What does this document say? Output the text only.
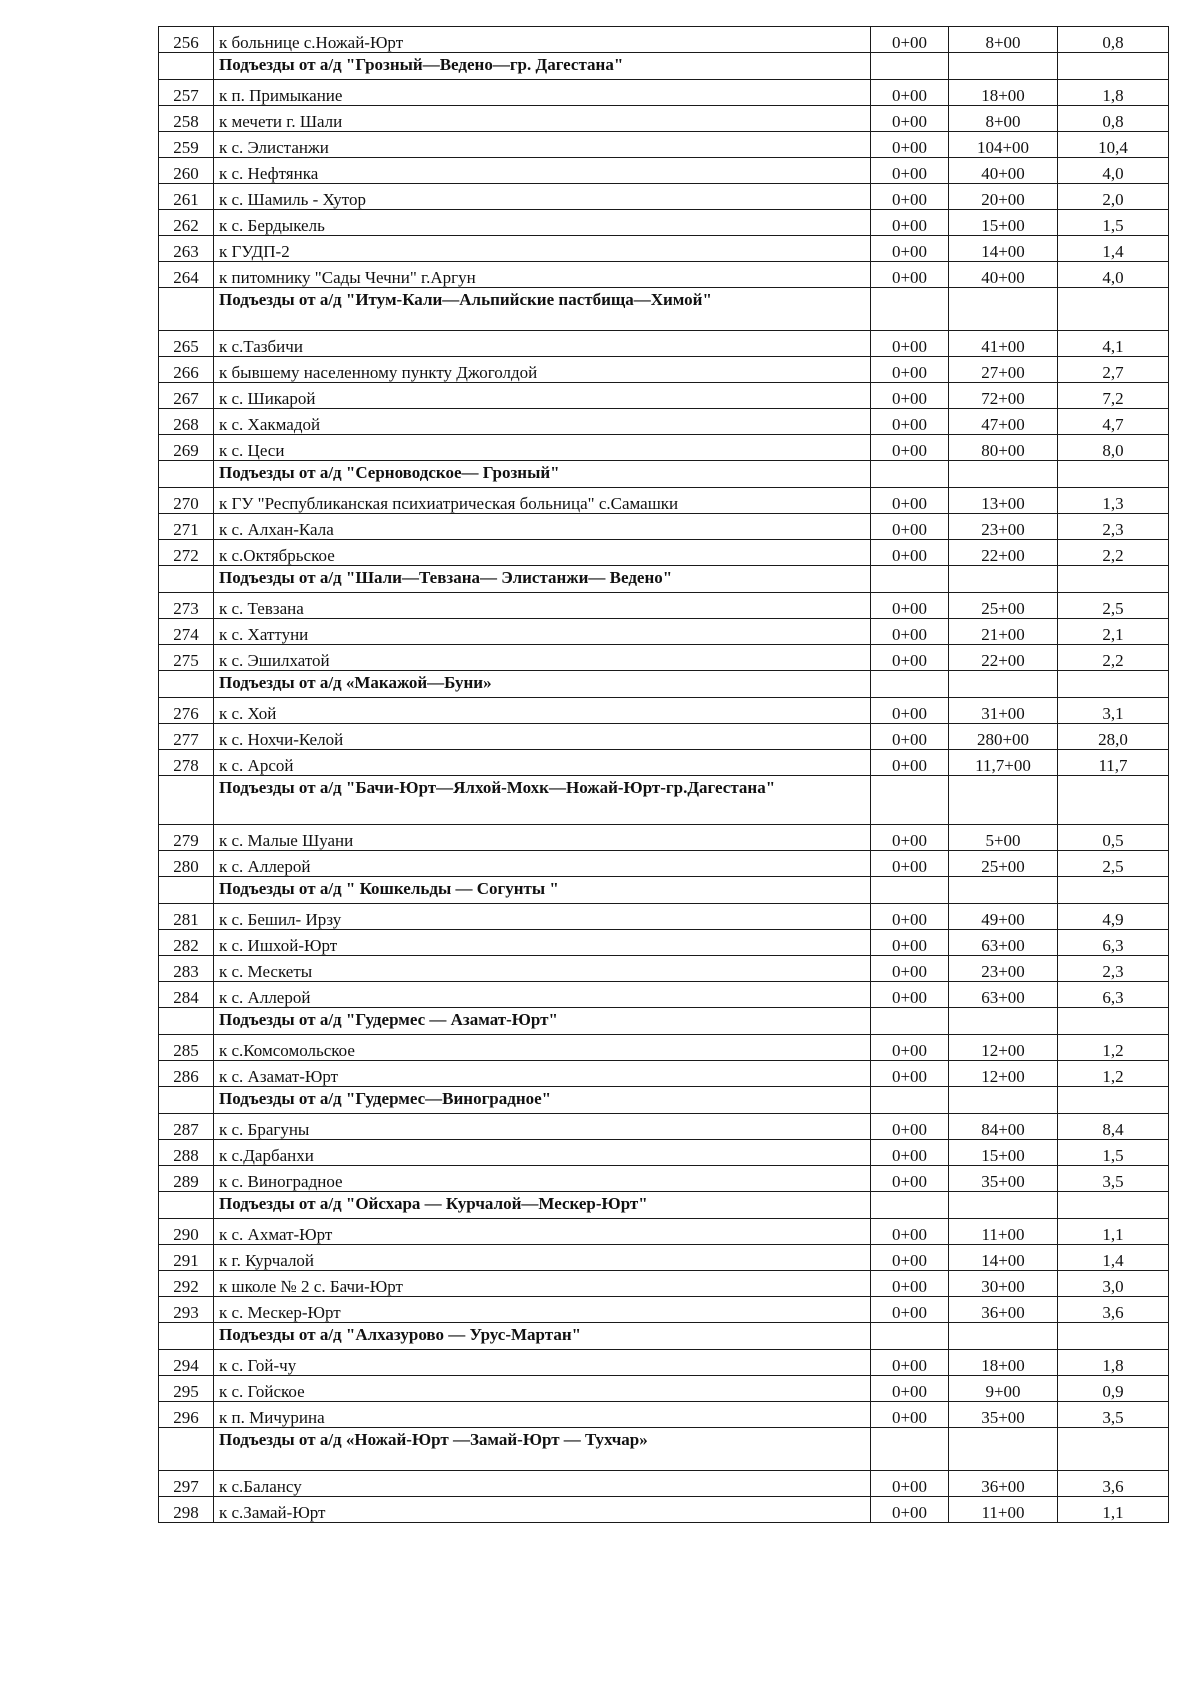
256	к больнице с.Ножай-Юрт	0+00	8+00	0,8
	Подъезды от а/д "Грозный—Ведено—гр. Дагестана"			
257	к п. Примыкание	0+00	18+00	1,8
258	к мечети г. Шали	0+00	8+00	0,8
259	к с. Элистанжи	0+00	104+00	10,4
260	к с. Нефтянка	0+00	40+00	4,0
261	к с. Шамиль - Хутор	0+00	20+00	2,0
262	к с. Бердыкель	0+00	15+00	1,5
263	к ГУДП-2	0+00	14+00	1,4
264	к питомнику "Сады Чечни" г.Аргун	0+00	40+00	4,0
	Подъезды от а/д "Итум-Кали—Альпийские пастбища—Химой"			
265	к с.Тазбичи	0+00	41+00	4,1
266	к бывшему населенному пункту Джоголдой	0+00	27+00	2,7
267	к с. Шикарой	0+00	72+00	7,2
268	к с. Хакмадой	0+00	47+00	4,7
269	к с. Цеси	0+00	80+00	8,0
	Подъезды от а/д "Серноводское— Грозный"			
270	к ГУ "Республиканская психиатрическая больница" с.Самашки	0+00	13+00	1,3
271	к с. Алхан-Кала	0+00	23+00	2,3
272	к с.Октябрьское	0+00	22+00	2,2
	Подъезды от а/д "Шали—Тевзана— Элистанжи— Ведено"			
273	к с. Тевзана	0+00	25+00	2,5
274	к с. Хаттуни	0+00	21+00	2,1
275	к с. Эшилхатой	0+00	22+00	2,2
	Подъезды от а/д «Макажой—Буни»			
276	к с. Хой	0+00	31+00	3,1
277	к с. Нохчи-Келой	0+00	280+00	28,0
278	к с. Арсой	0+00	11,7+00	11,7
	Подъезды от а/д "Бачи-Юрт—Ялхой-Мохк—Ножай-Юрт-гр.Дагестана"			
279	к с. Малые Шуани	0+00	5+00	0,5
280	к с. Аллерой	0+00	25+00	2,5
	Подъезды от а/д " Кошкельды — Согунты "			
281	к с. Бешил- Ирзу	0+00	49+00	4,9
282	к с. Ишхой-Юрт	0+00	63+00	6,3
283	к с. Мескеты	0+00	23+00	2,3
284	к с. Аллерой	0+00	63+00	6,3
	Подъезды от а/д "Гудермес — Азамат-Юрт"			
285	к с.Комсомольское	0+00	12+00	1,2
286	к с. Азамат-Юрт	0+00	12+00	1,2
	Подъезды от а/д "Гудермес—Виноградное"			
287	к с. Брагуны	0+00	84+00	8,4
288	к с.Дарбанхи	0+00	15+00	1,5
289	к с. Виноградное	0+00	35+00	3,5
	Подъезды от а/д "Ойсхара — Курчалой—Мескер-Юрт"			
290	к с. Ахмат-Юрт	0+00	11+00	1,1
291	к г. Курчалой	0+00	14+00	1,4
292	к школе № 2 с. Бачи-Юрт	0+00	30+00	3,0
293	к с. Мескер-Юрт	0+00	36+00	3,6
	Подъезды от а/д "Алхазурово — Урус-Мартан"			
294	к с. Гой-чу	0+00	18+00	1,8
295	к с. Гойское	0+00	9+00	0,9
296	к п. Мичурина	0+00	35+00	3,5
	Подъезды от а/д «Ножай-Юрт —Замай-Юрт — Тухчар»			
297	к с.Балансу	0+00	36+00	3,6
298	к с.Замай-Юрт	0+00	11+00	1,1
